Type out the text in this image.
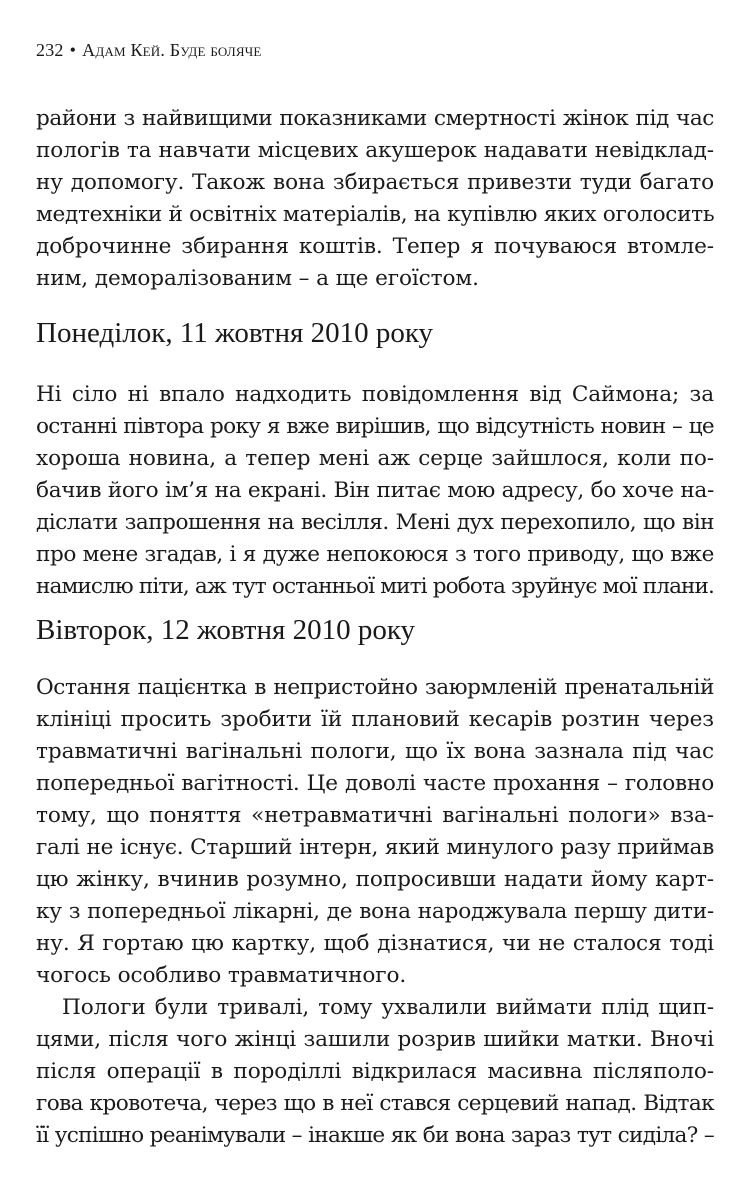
232 • Адам Кей. Буде боляче
райони з найвищими показниками смертності жінок під час
пологів та навчати місцевих акушерок надавати невідклад-
ну допомогу. Також вона збирається привезти туди багато
медтехніки й освітніх матеріалів, на купівлю яких оголосить
доброчинне збирання коштів. Тепер я почуваюся втомле-
ним, деморалізованим – а ще егоїстом.
Понеділок, 11 жовтня 2010 року
Ні сіло ні впало надходить повідомлення від Саймона; за
останні півтора року я вже вирішив, що відсутність новин – це
хороша новина, а тепер мені аж серце зайшлося, коли по-
бачив його ім’я на екрані. Він питає мою адресу, бо хоче на-
діслати запрошення на весілля. Мені дух перехопило, що він
про мене згадав, і я дуже непокоюся з того приводу, що вже
намислю піти, аж тут останньої миті робота зруйнує мої плани.
Вівторок, 12 жовтня 2010 року
Остання пацієнтка в непристойно заюрмленій пренатальній
клініці просить зробити їй плановий кесарів розтин через
травматичні вагінальні пологи, що їх вона зазнала під час
попередньої вагітності. Це доволі часте прохання – головно
тому, що поняття «нетравматичні вагінальні пологи» вза-
галі не існує. Старший інтерн, який минулого разу приймав
цю жінку, вчинив розумно, попросивши надати йому карт-
ку з попередньої лікарні, де вона народжувала першу дити-
ну. Я гортаю цю картку, щоб дізнатися, чи не сталося тоді
чогось особливо травматичного.
Пологи були тривалі, тому ухвалили виймати плід щип-
цями, після чого жінці зашили розрив шийки матки. Вночі
після операції в породіллі відкрилася масивна післяполо-
гова кровотеча, через що в неї стався серцевий напад. Відтак
її успішно реанімували – інакше як би вона зараз тут сиділа? –
